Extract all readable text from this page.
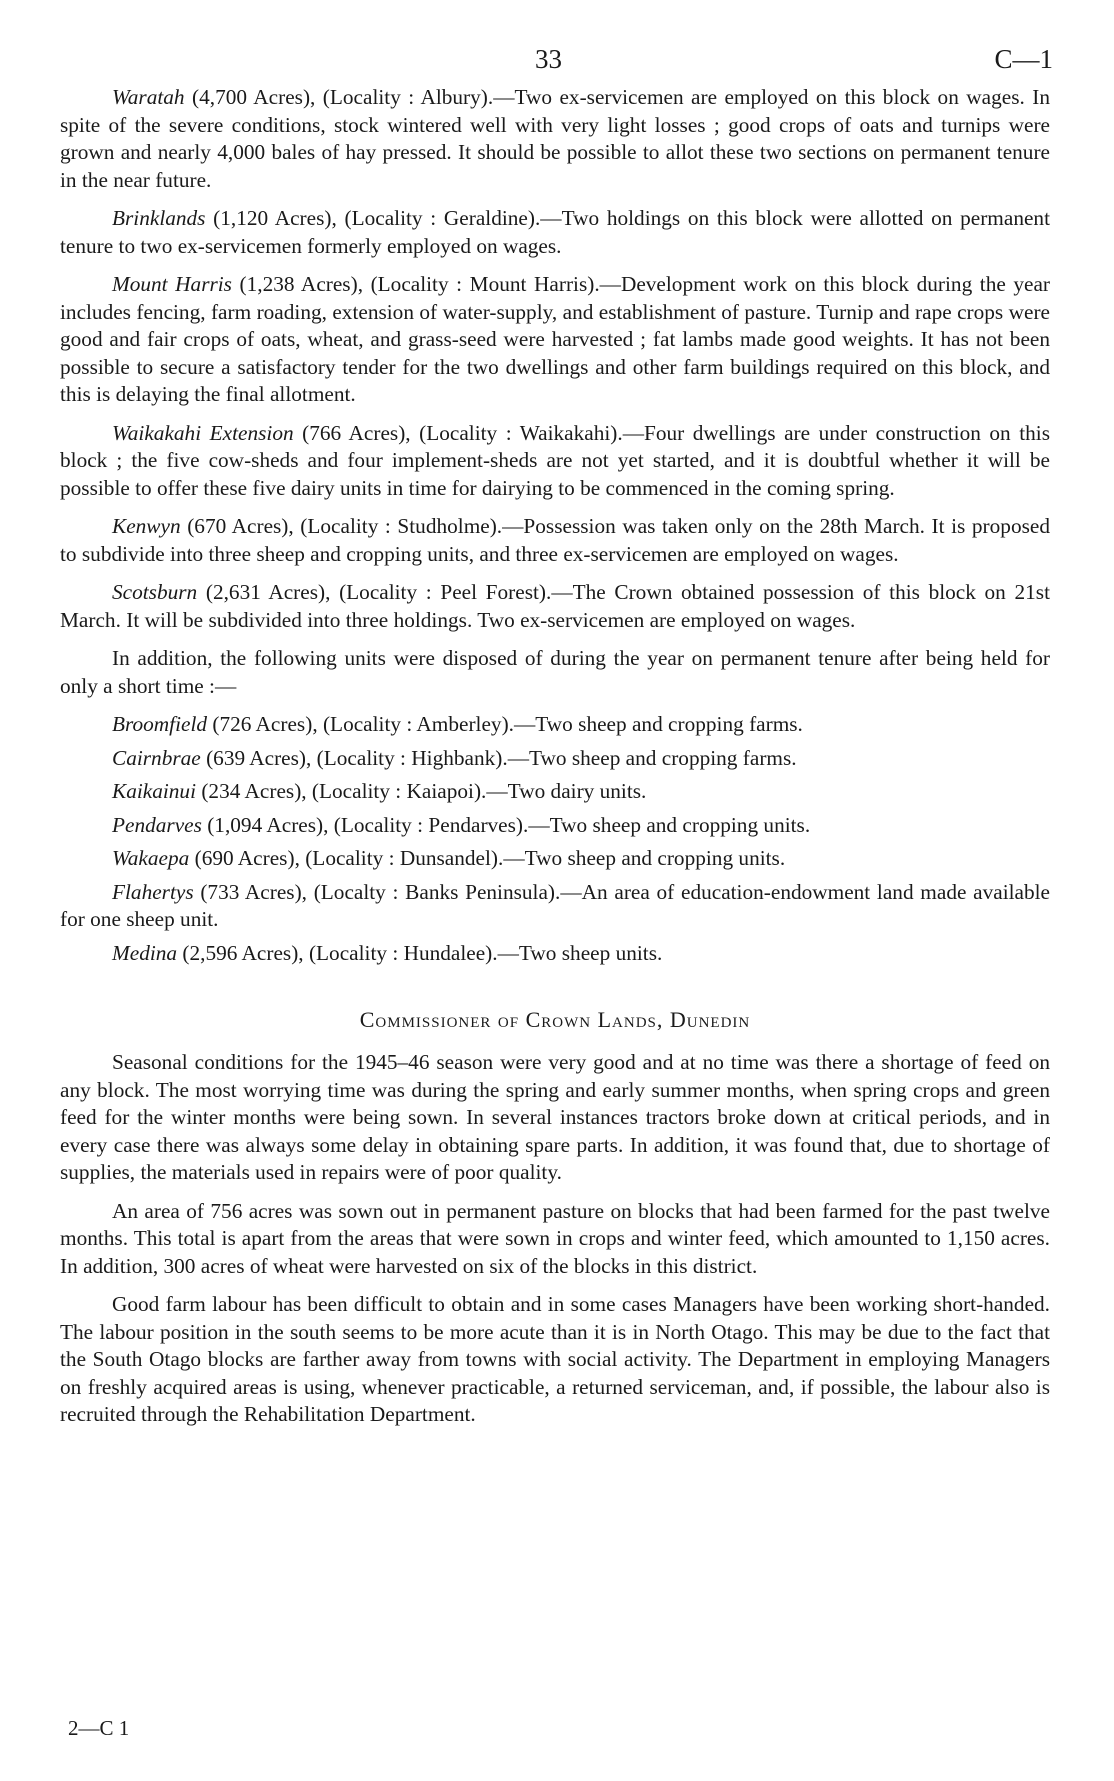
33	C—1

Waratah (4,700 Acres), (Locality : Albury).—Two ex-servicemen are employed on this block on wages. In spite of the severe conditions, stock wintered well with very light losses ; good crops of oats and turnips were grown and nearly 4,000 bales of hay pressed. It should be possible to allot these two sections on permanent tenure in the near future.

Brinklands (1,120 Acres), (Locality : Geraldine).—Two holdings on this block were allotted on permanent tenure to two ex-servicemen formerly employed on wages.

Mount Harris (1,238 Acres), (Locality : Mount Harris).—Development work on this block during the year includes fencing, farm roading, extension of water-supply, and establishment of pasture. Turnip and rape crops were good and fair crops of oats, wheat, and grass-seed were harvested ; fat lambs made good weights. It has not been possible to secure a satisfactory tender for the two dwellings and other farm buildings required on this block, and this is delaying the final allotment.

Waikakahi Extension (766 Acres), (Locality : Waikakahi).—Four dwellings are under construction on this block ; the five cow-sheds and four implement-sheds are not yet started, and it is doubtful whether it will be possible to offer these five dairy units in time for dairying to be commenced in the coming spring.

Kenwyn (670 Acres), (Locality : Studholme).—Possession was taken only on the 28th March. It is proposed to subdivide into three sheep and cropping units, and three ex-servicemen are employed on wages.

Scotsburn (2,631 Acres), (Locality : Peel Forest).—The Crown obtained possession of this block on 21st March. It will be subdivided into three holdings. Two ex-servicemen are employed on wages.

In addition, the following units were disposed of during the year on permanent tenure after being held for only a short time :—

Broomfield (726 Acres), (Locality : Amberley).—Two sheep and cropping farms.

Cairnbrae (639 Acres), (Locality : Highbank).—Two sheep and cropping farms.

Kaikainui (234 Acres), (Locality : Kaiapoi).—Two dairy units.

Pendarves (1,094 Acres), (Locality : Pendarves).—Two sheep and cropping units.

Wakaepa (690 Acres), (Locality : Dunsandel).—Two sheep and cropping units.

Flahertys (733 Acres), (Localty : Banks Peninsula).—An area of education-endowment land made available for one sheep unit.

Medina (2,596 Acres), (Locality : Hundalee).—Two sheep units.

Commissioner of Crown Lands, Dunedin

Seasonal conditions for the 1945–46 season were very good and at no time was there a shortage of feed on any block. The most worrying time was during the spring and early summer months, when spring crops and green feed for the winter months were being sown. In several instances tractors broke down at critical periods, and in every case there was always some delay in obtaining spare parts. In addition, it was found that, due to shortage of supplies, the materials used in repairs were of poor quality.

An area of 756 acres was sown out in permanent pasture on blocks that had been farmed for the past twelve months. This total is apart from the areas that were sown in crops and winter feed, which amounted to 1,150 acres. In addition, 300 acres of wheat were harvested on six of the blocks in this district.

Good farm labour has been difficult to obtain and in some cases Managers have been working short-handed. The labour position in the south seems to be more acute than it is in North Otago. This may be due to the fact that the South Otago blocks are farther away from towns with social activity. The Department in employing Managers on freshly acquired areas is using, whenever practicable, a returned serviceman, and, if possible, the labour also is recruited through the Rehabilitation Department.

2—C 1
